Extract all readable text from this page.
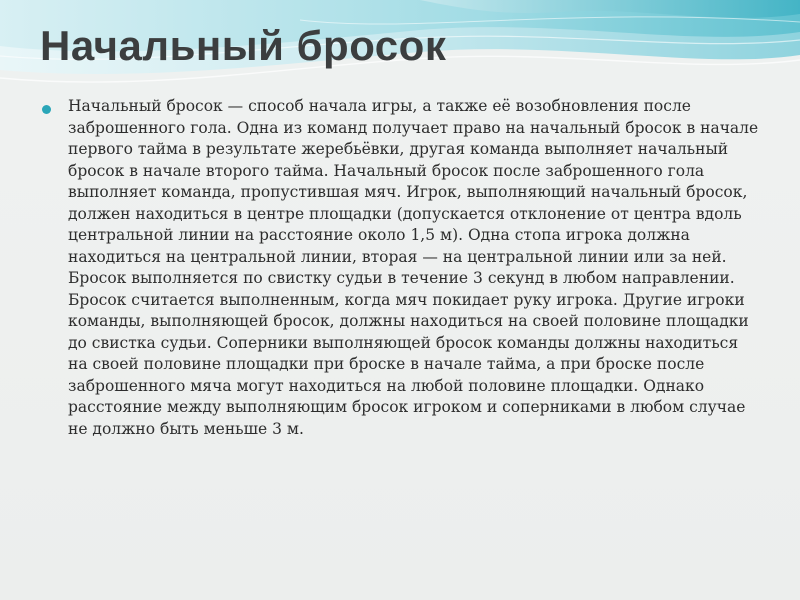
Начальный бросок

Начальный бросок — способ начала игры, а также её возобновления после заброшенного гола. Одна из команд получает право на начальный бросок в начале первого тайма в результате жеребьёвки, другая команда выполняет начальный бросок в начале второго тайма. Начальный бросок после заброшенного гола выполняет команда, пропустившая мяч. Игрок, выполняющий начальный бросок, должен находиться в центре площадки (допускается отклонение от центра вдоль центральной линии на расстояние около 1,5 м). Одна стопа игрока должна находиться на центральной линии, вторая — на центральной линии или за ней. Бросок выполняется по свистку судьи в течение 3 секунд в любом направлении. Бросок считается выполненным, когда мяч покидает руку игрока. Другие игроки команды, выполняющей бросок, должны находиться на своей половине площадки до свистка судьи. Соперники выполняющей бросок команды должны находиться на своей половине площадки при броске в начале тайма, а при броске после заброшенного мяча могут находиться на любой половине площадки. Однако расстояние между выполняющим бросок игроком и соперниками в любом случае не должно быть меньше 3 м.
